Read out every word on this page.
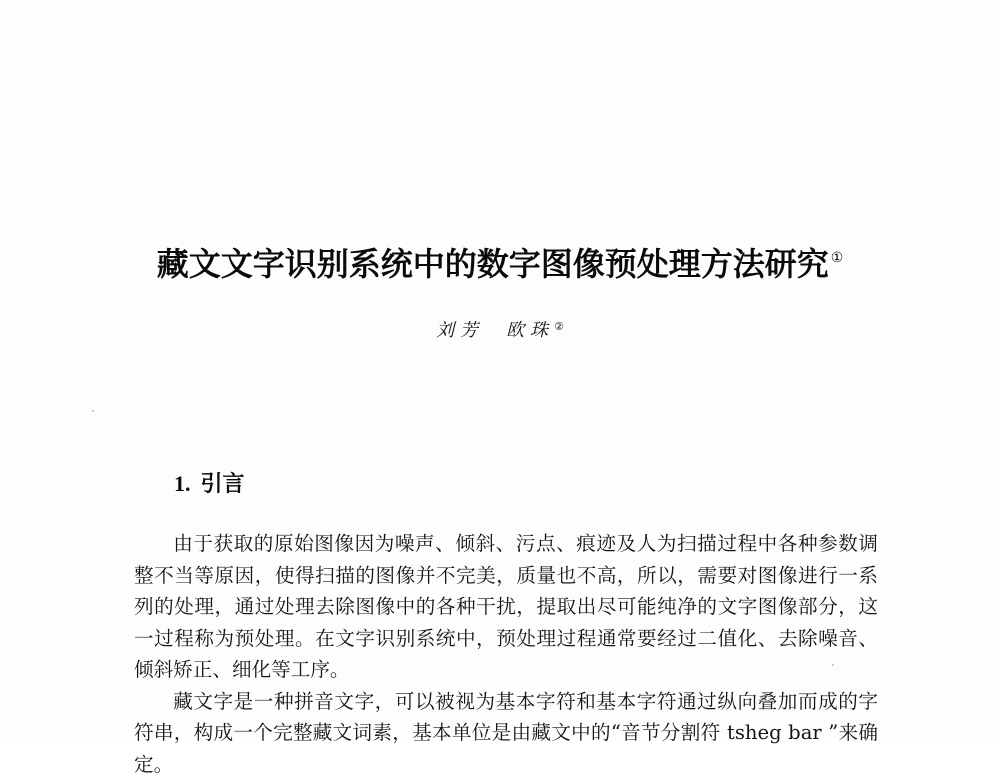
藏文文字识别系统中的数字图像预处理方法研究 ①
刘芳 欧珠②
1. 引言

由于获取的原始图像因为噪声、倾斜、污点、痕迹及人为扫描过程中各种参数调整不当等原因，使得扫描的图像并不完美，质量也不高，所以，需要对图像进行一系列的处理，通过处理去除图像中的各种干扰，提取出尽可能纯净的文字图像部分，这一过程称为预处理。在文字识别系统中，预处理过程通常要经过二值化、去除噪音、倾斜矫正、细化等工序。

藏文字是一种拼音文字，可以被视为基本字符和基本字符通过纵向叠加而成的字符串，构成一个完整藏文词素，基本单位是由藏文中的“音节分割符 tsheg bar ”来确定。
